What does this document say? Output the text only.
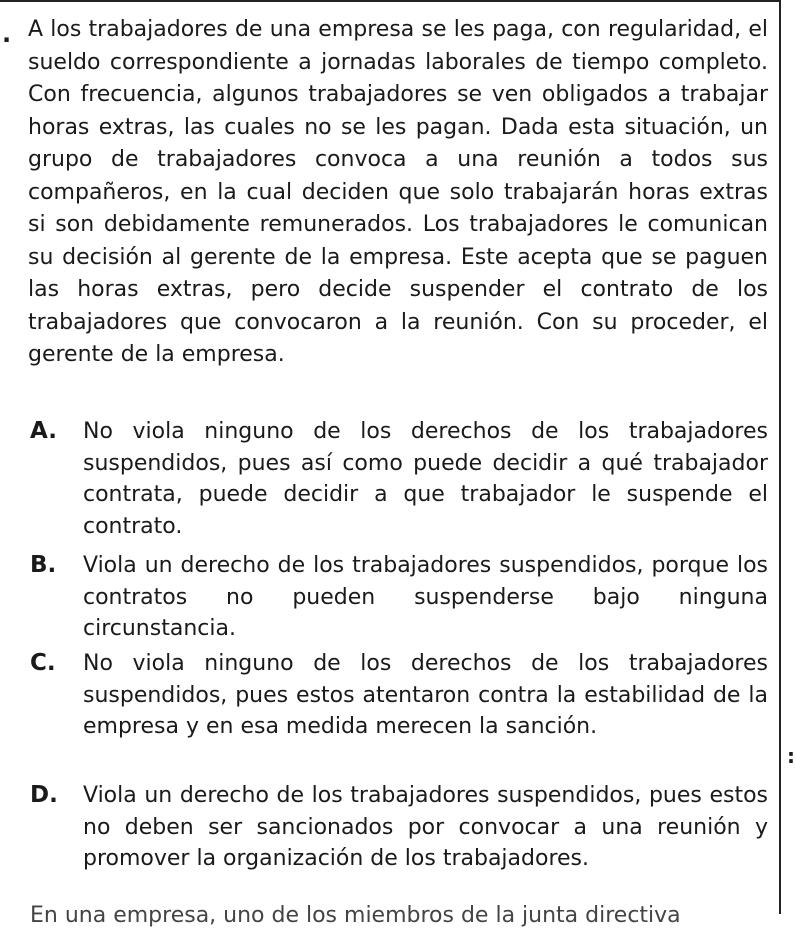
. A los trabajadores de una empresa se les paga, con regularidad, el sueldo correspondiente a jornadas laborales de tiempo completo. Con frecuencia, algunos trabajadores se ven obligados a trabajar horas extras, las cuales no se les pagan. Dada esta situación, un grupo de trabajadores convoca a una reunión a todos sus compañeros, en la cual deciden que solo trabajarán horas extras si son debidamente remunerados. Los trabajadores le comunican su decisión al gerente de la empresa. Este acepta que se paguen las horas extras, pero decide suspender el contrato de los trabajadores que convocaron a la reunión. Con su proceder, el gerente de la empresa.
A. No viola ninguno de los derechos de los trabajadores suspendidos, pues así como puede decidir a qué trabajador contrata, puede decidir a que trabajador le suspende el contrato.
B. Viola un derecho de los trabajadores suspendidos, porque los contratos no pueden suspenderse bajo ninguna circunstancia.
C. No viola ninguno de los derechos de los trabajadores suspendidos, pues estos atentaron contra la estabilidad de la empresa y en esa medida merecen la sanción.
D. Viola un derecho de los trabajadores suspendidos, pues estos no deben ser sancionados por convocar a una reunión y promover la organización de los trabajadores.
:
En una empresa, uno de los miembros de la junta directiva
